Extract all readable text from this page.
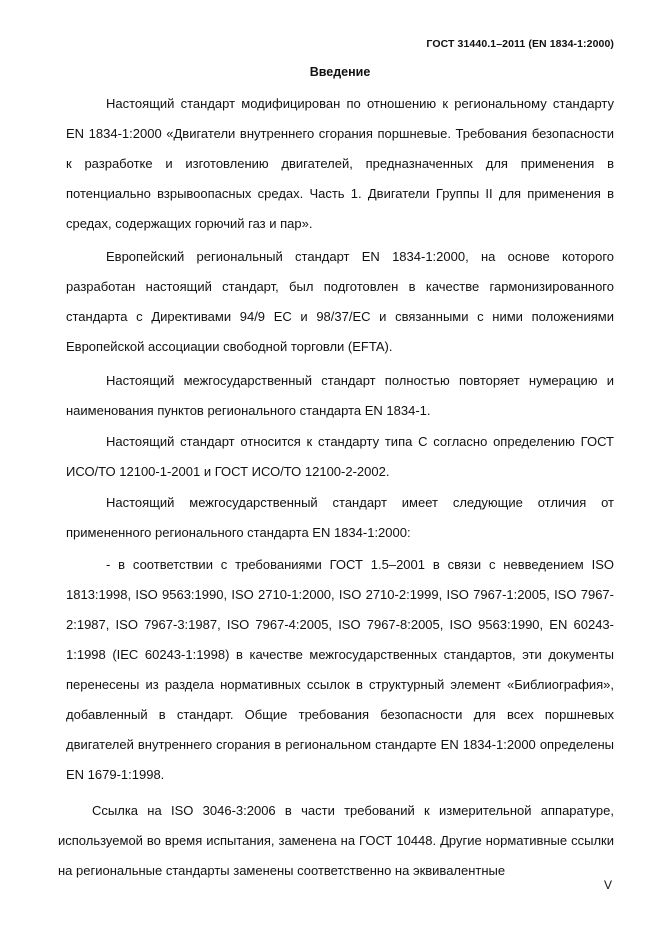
ГОСТ 31440.1–2011 (EN 1834-1:2000)
Введение
Настоящий стандарт модифицирован по отношению к региональному стандарту EN 1834-1:2000 «Двигатели внутреннего сгорания поршневые. Требования безопасности к разработке и изготовлению двигателей, предназначенных для применения в потенциально взрывоопасных средах. Часть 1. Двигатели Группы II для применения в средах, содержащих горючий газ и пар».
Европейский региональный стандарт EN 1834-1:2000, на основе которого разработан настоящий стандарт, был подготовлен в качестве гармонизированного стандарта с Директивами 94/9 ЕС и 98/37/ЕС и связанными с ними положениями Европейской ассоциации свободной торговли (EFTA).
Настоящий межгосударственный стандарт полностью повторяет нумерацию и наименования пунктов регионального стандарта EN 1834-1.
Настоящий стандарт относится к стандарту типа С согласно определению ГОСТ ИСО/ТО 12100-1-2001 и ГОСТ ИСО/ТО 12100-2-2002.
Настоящий межгосударственный стандарт имеет следующие отличия от примененного регионального стандарта EN 1834-1:2000:
- в соответствии с требованиями ГОСТ 1.5–2001 в связи с невведением ISO 1813:1998, ISO 9563:1990, ISO 2710-1:2000, ISO 2710-2:1999, ISO 7967-1:2005, ISO 7967-2:1987, ISO 7967-3:1987, ISO 7967-4:2005, ISO 7967-8:2005, ISO 9563:1990, EN 60243-1:1998 (IEC 60243-1:1998) в качестве межгосударственных стандартов, эти документы перенесены из раздела нормативных ссылок в структурный элемент «Библиография», добавленный в стандарт. Общие требования безопасности для всех поршневых двигателей внутреннего сгорания в региональном стандарте EN 1834-1:2000 определены EN 1679-1:1998.
Ссылка на ISO 3046-3:2006 в части требований к измерительной аппаратуре, используемой во время испытания, заменена на ГОСТ 10448. Другие нормативные ссылки на региональные стандарты заменены соответственно на эквивалентные
V
